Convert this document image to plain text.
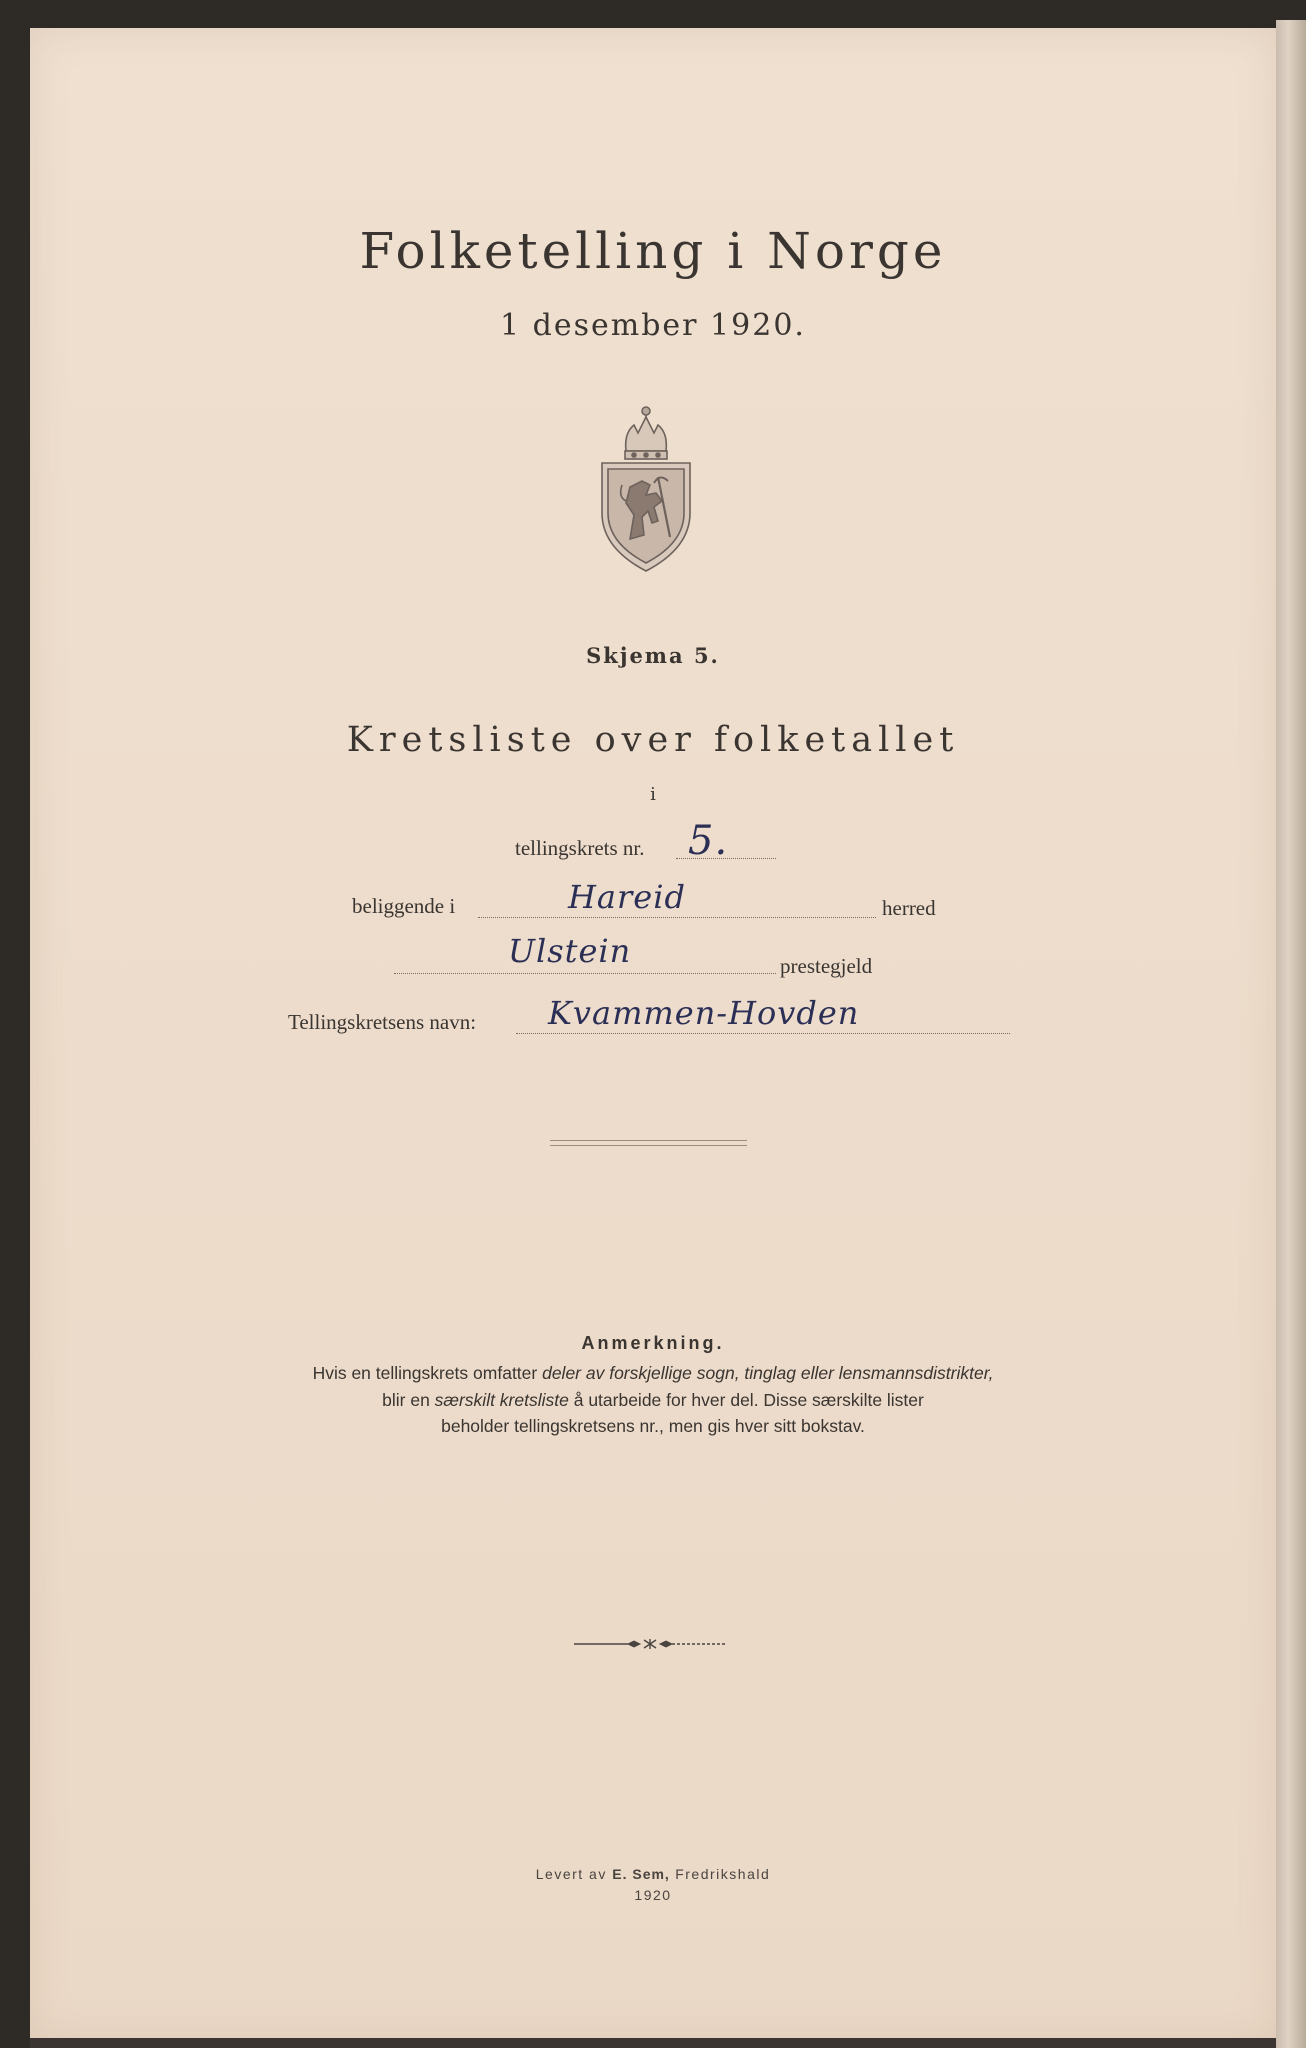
Folketelling i Norge
1 desember 1920.
Skjema 5.
Kretsliste over folketallet
i
tellingskrets nr. 5.
beliggende i	Hareid	herred
Ulstein	prestegjeld
Tellingskretsens navn: Kvammen-Hovden
Anmerkning.
Hvis en tellingskrets omfatter deler av forskjellige sogn, tinglag eller lensmannsdistrikter,
blir en særskilt kretsliste å utarbeide for hver del. Disse særskilte lister
beholder tellingskretsens nr., men gis hver sitt bokstav.
Levert av E. Sem, Fredrikshald
1920
